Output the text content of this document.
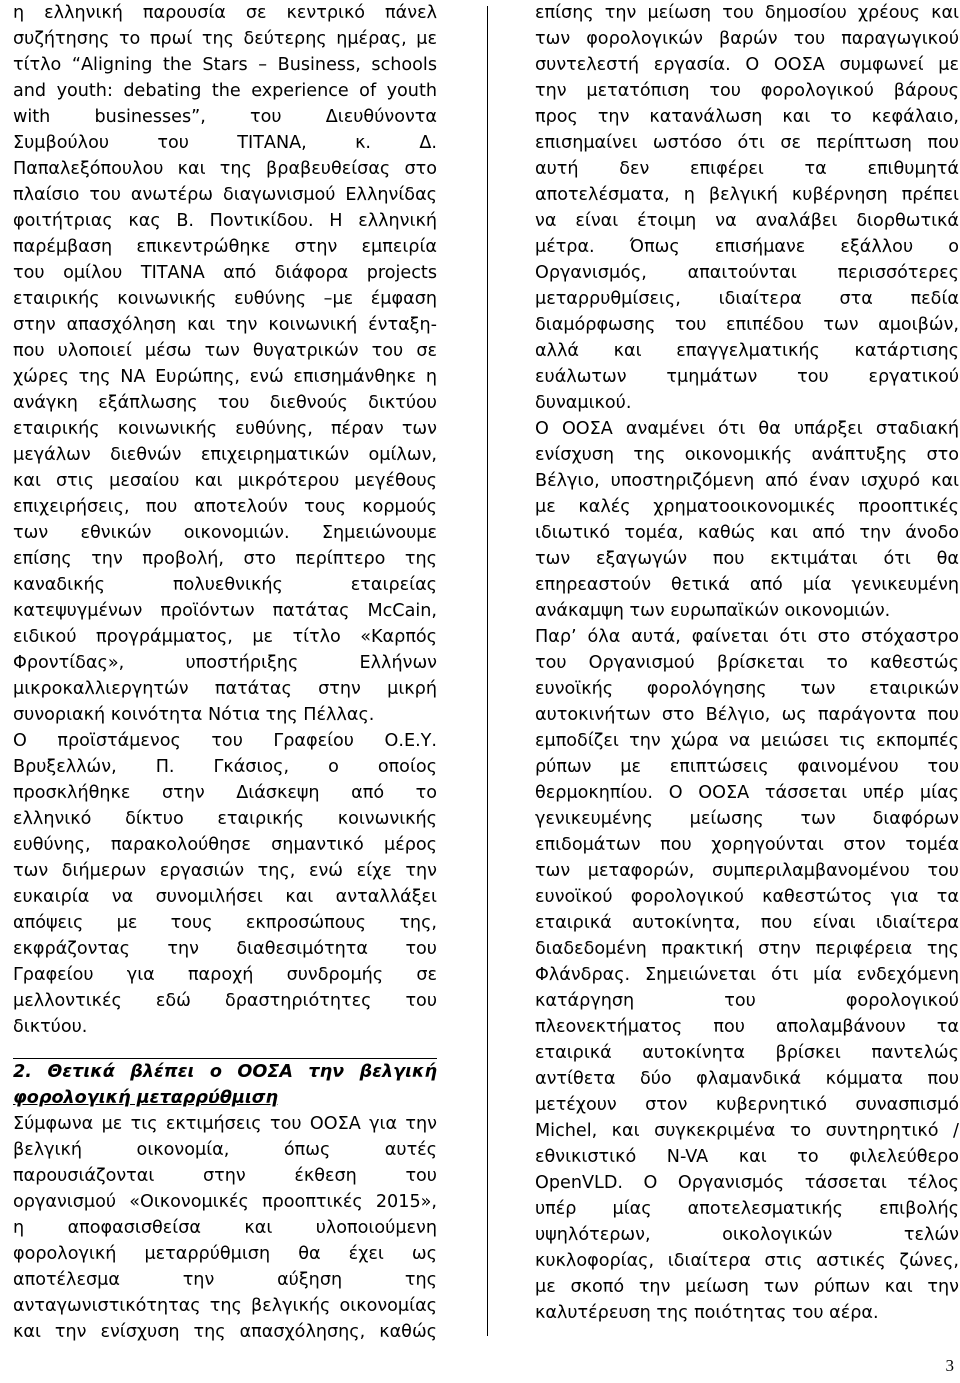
η ελληνική παρουσία σε κεντρικό πάνελ
συζήτησης το πρωί της δεύτερης ημέρας, με
τίτλο “Aligning the Stars – Business, schools
and youth: debating the experience of youth
with businesses”, του Διευθύνοντα
Συμβούλου του ΤΙΤΑΝΑ, κ. Δ.
Παπαλεξόπουλου και της βραβευθείσας στο
πλαίσιο του ανωτέρω διαγωνισμού Ελληνίδας
φοιτήτριας κας Β. Ποντικίδου. Η ελληνική
παρέμβαση επικεντρώθηκε στην εμπειρία
του ομίλου ΤΙΤΑΝΑ από διάφορα projects
εταιρικής κοινωνικής ευθύνης –με έμφαση
στην απασχόληση και την κοινωνική ένταξη-
που υλοποιεί μέσω των θυγατρικών του σε
χώρες της ΝΑ Ευρώπης, ενώ επισημάνθηκε η
ανάγκη εξάπλωσης του διεθνούς δικτύου
εταιρικής κοινωνικής ευθύνης, πέραν των
μεγάλων διεθνών επιχειρηματικών ομίλων,
και στις μεσαίου και μικρότερου μεγέθους
επιχειρήσεις, που αποτελούν τους κορμούς
των εθνικών οικονομιών. Σημειώνουμε
επίσης την προβολή, στο περίπτερο της
καναδικής πολυεθνικής εταιρείας
κατεψυγμένων προϊόντων πατάτας McCain,
ειδικού προγράμματος, με τίτλο «Καρπός
Φροντίδας», υποστήριξης Ελλήνων
μικροκαλλιεργητών πατάτας στην μικρή
συνοριακή κοινότητα Νότια της Πέλλας.
Ο προϊστάμενος του Γραφείου Ο.Ε.Υ.
Βρυξελλών, Π. Γκάσιος, ο οποίος
προσκλήθηκε στην Διάσκεψη από το
ελληνικό δίκτυο εταιρικής κοινωνικής
ευθύνης, παρακολούθησε σημαντικό μέρος
των διήμερων εργασιών της, ενώ είχε την
ευκαιρία να συνομιλήσει και ανταλλάξει
απόψεις με τους εκπροσώπους της,
εκφράζοντας την διαθεσιμότητα του
Γραφείου για παροχή συνδρομής σε
μελλοντικές εδώ δραστηριότητες του
δικτύου.
2. Θετικά βλέπει ο ΟΟΣΑ την βελγική
φορολογική μεταρρύθμιση
Σύμφωνα με τις εκτιμήσεις του ΟΟΣΑ για την
βελγική οικονομία, όπως αυτές
παρουσιάζονται στην έκθεση του
οργανισμού «Οικονομικές προοπτικές 2015»,
η αποφασισθείσα και υλοποιούμενη
φορολογική μεταρρύθμιση θα έχει ως
αποτέλεσμα την αύξηση της
ανταγωνιστικότητας της βελγικής οικονομίας
και την ενίσχυση της απασχόλησης, καθώς
επίσης την μείωση του δημοσίου χρέους και
των φορολογικών βαρών του παραγωγικού
συντελεστή εργασία. Ο ΟΟΣΑ συμφωνεί με
την μετατόπιση του φορολογικού βάρους
προς την κατανάλωση και το κεφάλαιο,
επισημαίνει ωστόσο ότι σε περίπτωση που
αυτή δεν επιφέρει τα επιθυμητά
αποτελέσματα, η βελγική κυβέρνηση πρέπει
να είναι έτοιμη να αναλάβει διορθωτικά
μέτρα. Όπως επισήμανε εξάλλου ο
Οργανισμός, απαιτούνται περισσότερες
μεταρρυθμίσεις, ιδιαίτερα στα πεδία
διαμόρφωσης του επιπέδου των αμοιβών,
αλλά και επαγγελματικής κατάρτισης
ευάλωτων τμημάτων του εργατικού
δυναμικού.
Ο ΟΟΣΑ αναμένει ότι θα υπάρξει σταδιακή
ενίσχυση της οικονομικής ανάπτυξης στο
Βέλγιο, υποστηριζόμενη από έναν ισχυρό και
με καλές χρηματοοικονομικές προοπτικές
ιδιωτικό τομέα, καθώς και από την άνοδο
των εξαγωγών που εκτιμάται ότι θα
επηρεαστούν θετικά από μία γενικευμένη
ανάκαμψη των ευρωπαϊκών οικονομιών.
Παρ’ όλα αυτά, φαίνεται ότι στο στόχαστρο
του Οργανισμού βρίσκεται το καθεστώς
ευνοϊκής φορολόγησης των εταιρικών
αυτοκινήτων στο Βέλγιο, ως παράγοντα που
εμποδίζει την χώρα να μειώσει τις εκπομπές
ρύπων με επιπτώσεις φαινομένου του
θερμοκηπίου. Ο ΟΟΣΑ τάσσεται υπέρ μίας
γενικευμένης μείωσης των διαφόρων
επιδομάτων που χορηγούνται στον τομέα
των μεταφορών, συμπεριλαμβανομένου του
ευνοϊκού φορολογικού καθεστώτος για τα
εταιρικά αυτοκίνητα, που είναι ιδιαίτερα
διαδεδομένη πρακτική στην περιφέρεια της
Φλάνδρας. Σημειώνεται ότι μία ενδεχόμενη
κατάργηση του φορολογικού
πλεονεκτήματος που απολαμβάνουν τα
εταιρικά αυτοκίνητα βρίσκει παντελώς
αντίθετα δύο φλαμανδικά κόμματα που
μετέχουν στον κυβερνητικό συνασπισμό
Michel, και συγκεκριμένα το συντηρητικό /
εθνικιστικό N-VA και το φιλελεύθερο
OpenVLD. Ο Οργανισμός τάσσεται τέλος
υπέρ μίας αποτελεσματικής επιβολής
υψηλότερων, οικολογικών τελών
κυκλοφορίας, ιδιαίτερα στις αστικές ζώνες,
με σκοπό την μείωση των ρύπων και την
καλυτέρευση της ποιότητας του αέρα.
3
